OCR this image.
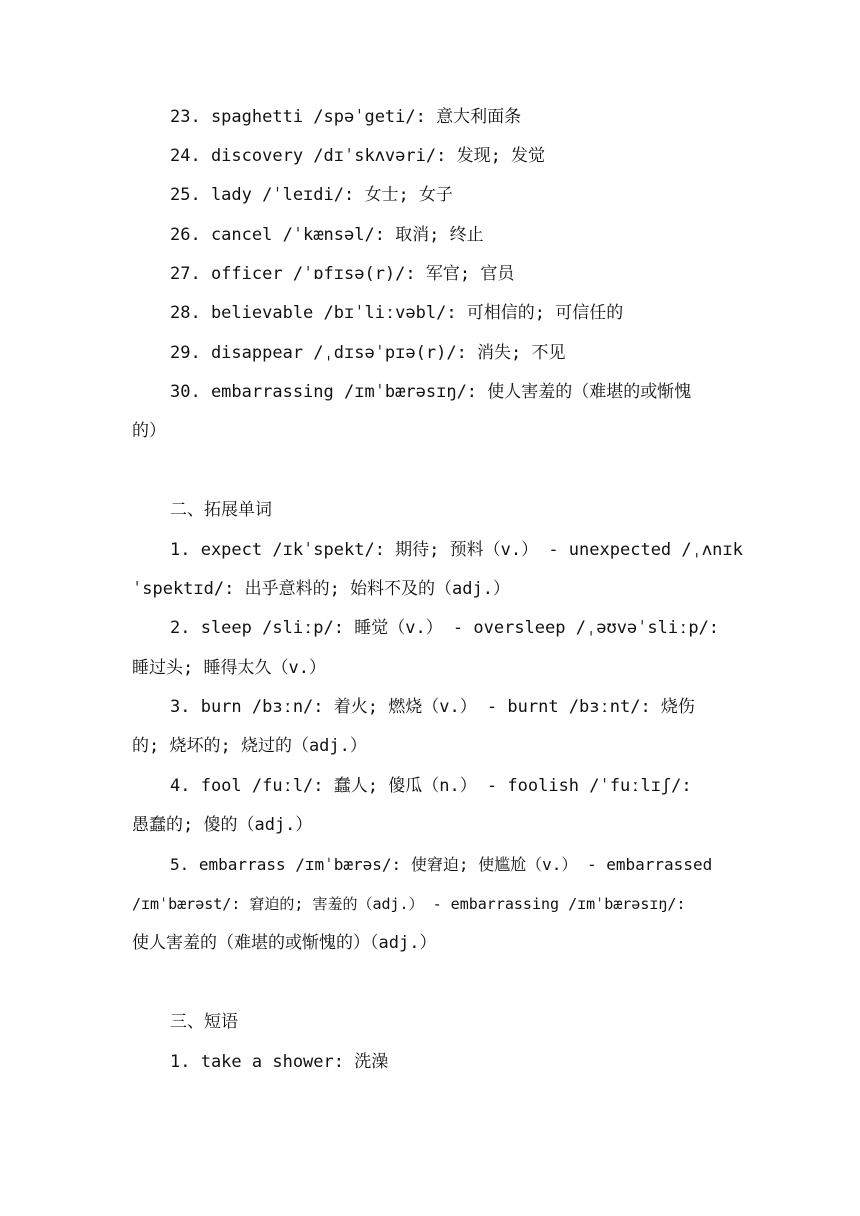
23. spaghetti /spəˈgeti/: 意大利面条
24. discovery /dɪˈskʌvəri/: 发现; 发觉
25. lady /ˈleɪdi/: 女士; 女子
26. cancel /ˈkænsəl/: 取消; 终止
27. officer /ˈɒfɪsə(r)/: 军官; 官员
28. believable /bɪˈliːvəbl/: 可相信的; 可信任的
29. disappear /ˌdɪsəˈpɪə(r)/: 消失; 不见
30. embarrassing /ɪmˈbærəsɪŋ/: 使人害羞的（难堪的或惭愧
的）
二、拓展单词
1. expect /ɪkˈspekt/: 期待; 预料（v.） - unexpected /ˌʌnɪk
ˈspektɪd/: 出乎意料的; 始料不及的（adj.）
2. sleep /sliːp/: 睡觉（v.） - oversleep /ˌəʊvəˈsliːp/:
睡过头; 睡得太久（v.）
3. burn /bɜːn/: 着火; 燃烧（v.） - burnt /bɜːnt/: 烧伤
的; 烧坏的; 烧过的（adj.）
4. fool /fuːl/: 蠢人; 傻瓜（n.） - foolish /ˈfuːlɪʃ/:
愚蠢的; 傻的（adj.）
5. embarrass /ɪmˈbærəs/: 使窘迫; 使尴尬（v.） - embarrassed
/ɪmˈbærəst/: 窘迫的; 害羞的（adj.） - embarrassing /ɪmˈbærəsɪŋ/:
使人害羞的（难堪的或惭愧的）（adj.）
三、短语
1. take a shower: 洗澡
